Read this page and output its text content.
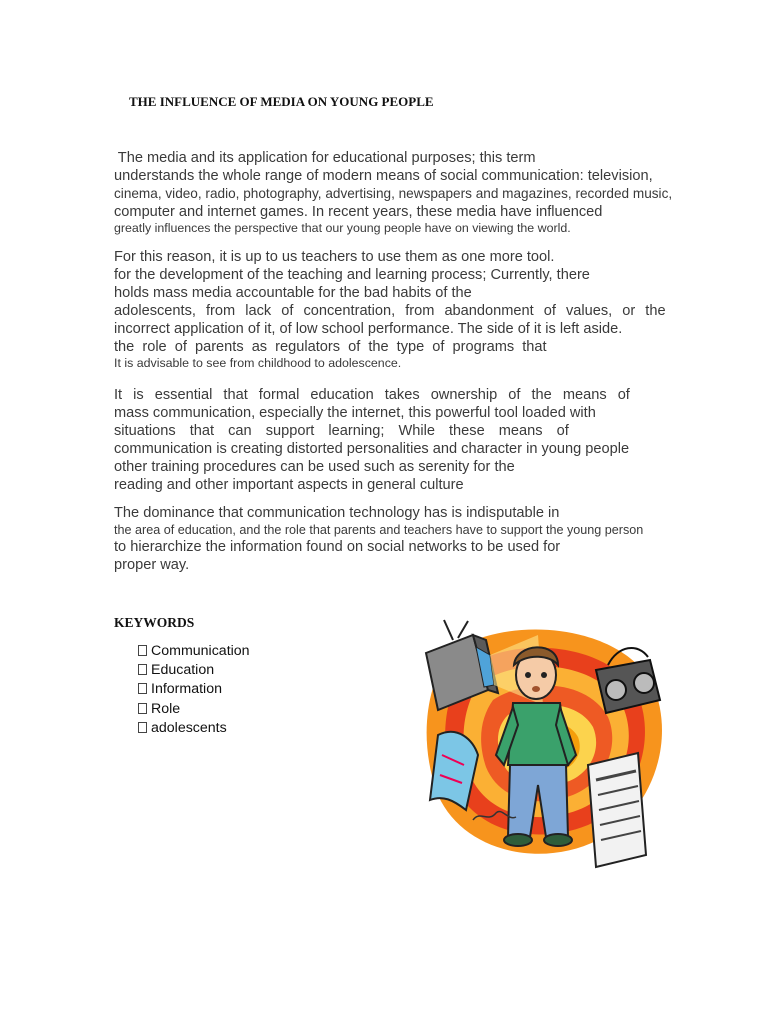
THE INFLUENCE OF MEDIA ON YOUNG PEOPLE
The media and its application for educational purposes; this term
understands the whole range of modern means of social communication: television,
cinema, video, radio, photography, advertising, newspapers and magazines, recorded music,
computer and internet games. In recent years, these media have influenced
greatly influences the perspective that our young people have on viewing the world.
For this reason, it is up to us teachers to use them as one more tool.
for the development of the teaching and learning process; Currently, there
holds mass media accountable for the bad habits of the
adolescents, from lack of concentration, from abandonment of values, or the
incorrect application of it, of low school performance. The side of it is left aside.
the role of parents as regulators of the type of programs that
It is advisable to see from childhood to adolescence.
It is essential that formal education takes ownership of the means of
mass communication, especially the internet, this powerful tool loaded with
situations that can support learning; While these means of
communication is creating distorted personalities and character in young people
other training procedures can be used such as serenity for the
reading and other important aspects in general culture
The dominance that communication technology has is indisputable in
the area of education, and the role that parents and teachers have to support the young person
to hierarchize the information found on social networks to be used for
proper way.
KEYWORDS
Communication
Education
Information
Role
adolescents
